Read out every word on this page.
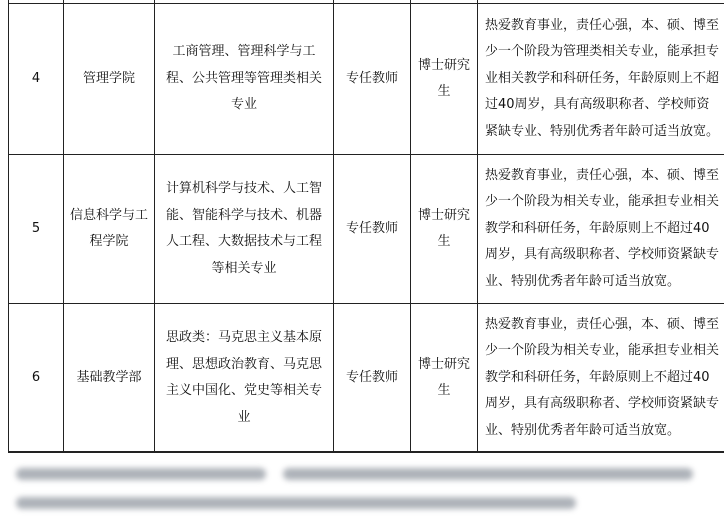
4	管理学院	工商管理、管理科学与工程、公共管理等管理类相关专业	专任教师	博士研究生	热爱教育事业，责任心强，本、硕、博至少一个阶段为管理类相关专业，能承担专业相关教学和科研任务，年龄原则上不超过40周岁，具有高级职称者、学校师资紧缺专业、特别优秀者年龄可适当放宽。
5	信息科学与工程学院	计算机科学与技术、人工智能、智能科学与技术、机器人工程、大数据技术与工程等相关专业	专任教师	博士研究生	热爱教育事业，责任心强，本、硕、博至少一个阶段为相关专业，能承担专业相关教学和科研任务，年龄原则上不超过40周岁，具有高级职称者、学校师资紧缺专业、特别优秀者年龄可适当放宽。
6	基础教学部	思政类：马克思主义基本原理、思想政治教育、马克思主义中国化、党史等相关专业	专任教师	博士研究生	热爱教育事业，责任心强，本、硕、博至少一个阶段为相关专业，能承担专业相关教学和科研任务，年龄原则上不超过40周岁，具有高级职称者、学校师资紧缺专业、特别优秀者年龄可适当放宽。
